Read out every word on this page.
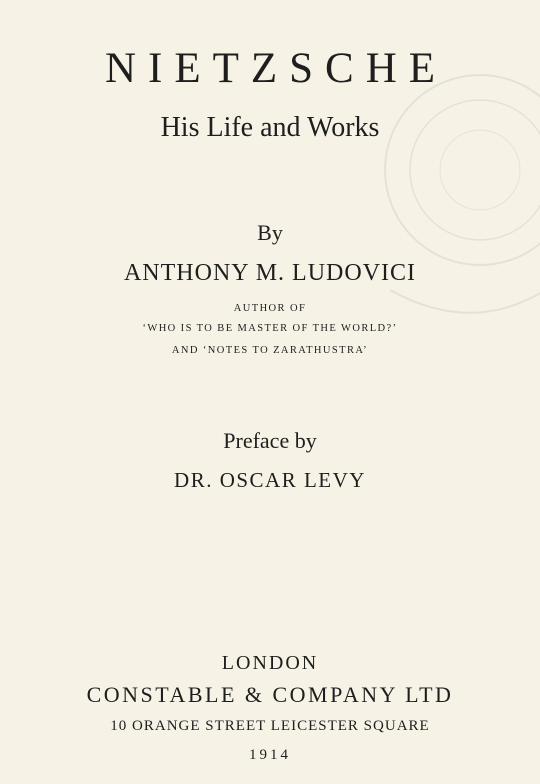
NIETZSCHE
His Life and Works
By
ANTHONY M. LUDOVICI
AUTHOR OF
‘WHO IS TO BE MASTER OF THE WORLD?’
AND ‘NOTES TO ZARATHUSTRA’
Preface by
DR. OSCAR LEVY
LONDON
CONSTABLE & COMPANY LTD
10 ORANGE STREET LEICESTER SQUARE
1914
